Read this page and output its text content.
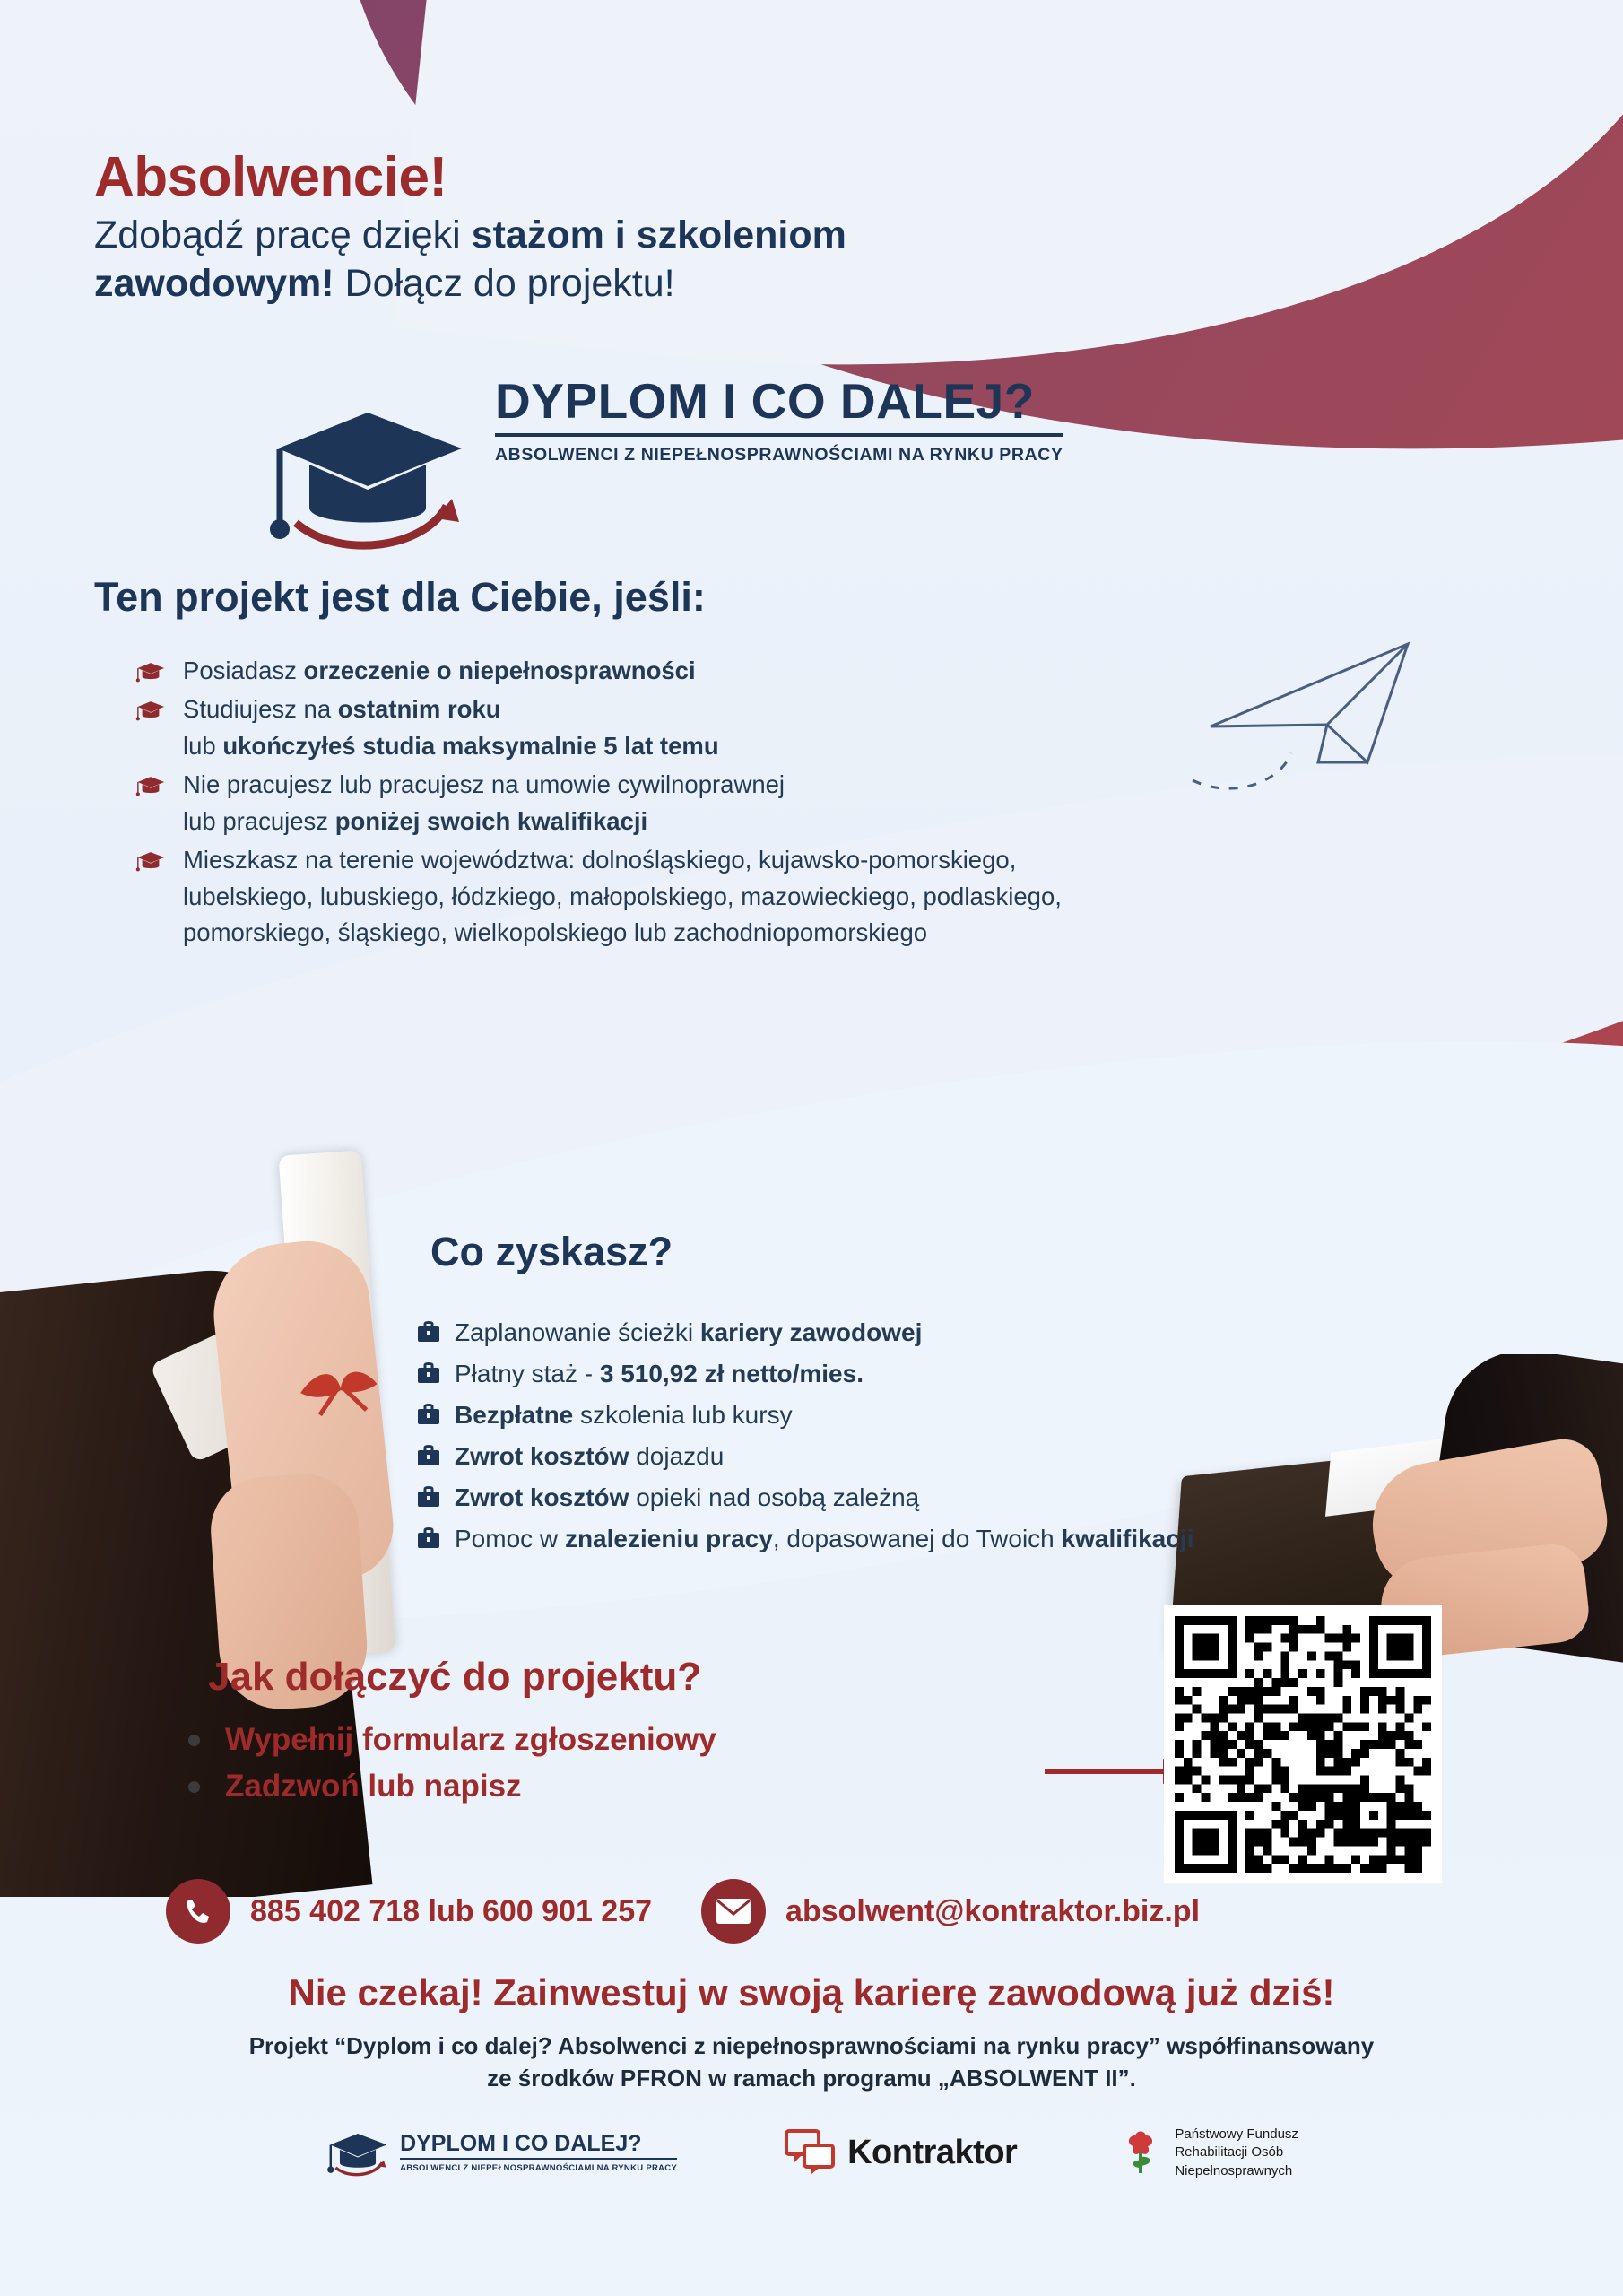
Absolwencie!

Zdobądź pracę dzięki stażom i szkoleniom
zawodowym! Dołącz do projektu!

DYPLOM I CO DALEJ?
ABSOLWENCI Z NIEPEŁNOSPRAWNOŚCIAMI NA RYNKU PRACY
Ten projekt jest dla Ciebie, jeśli:
Posiadasz orzeczenie o niepełnosprawności
Studiujesz na ostatnim roku
lub ukończyłeś studia maksymalnie 5 lat temu
Nie pracujesz lub pracujesz na umowie cywilnoprawnej
lub pracujesz poniżej swoich kwalifikacji
Mieszkasz na terenie województwa: dolnośląskiego, kujawsko-pomorskiego,
lubelskiego, lubuskiego, łódzkiego, małopolskiego, mazowieckiego, podlaskiego,
pomorskiego, śląskiego, wielkopolskiego lub zachodniopomorskiego
Co zyskasz?
Zaplanowanie ścieżki kariery zawodowej
Płatny staż - 3 510,92 zł netto/mies.
Bezpłatne szkolenia lub kursy
Zwrot kosztów dojazdu
Zwrot kosztów opieki nad osobą zależną
Pomoc w znalezieniu pracy, dopasowanej do Twoich kwalifikacji
Jak dołączyć do projektu?
Wypełnij formularz zgłoszeniowy
Zadzwoń lub napisz
885 402 718 lub 600 901 257	absolwent@kontraktor.biz.pl
Nie czekaj! Zainwestuj w swoją karierę zawodową już dziś!
Projekt “Dyplom i co dalej? Absolwenci z niepełnosprawnościami na rynku pracy” współfinansowany
ze środków PFRON w ramach programu „ABSOLWENT II”.
DYPLOM I CO DALEJ?
ABSOLWENCI Z NIEPEŁNOSPRAWNOŚCIAMI NA RYNKU PRACY	Kontraktor	Państwowy Fundusz
Rehabilitacji Osób
Niepełnosprawnych
